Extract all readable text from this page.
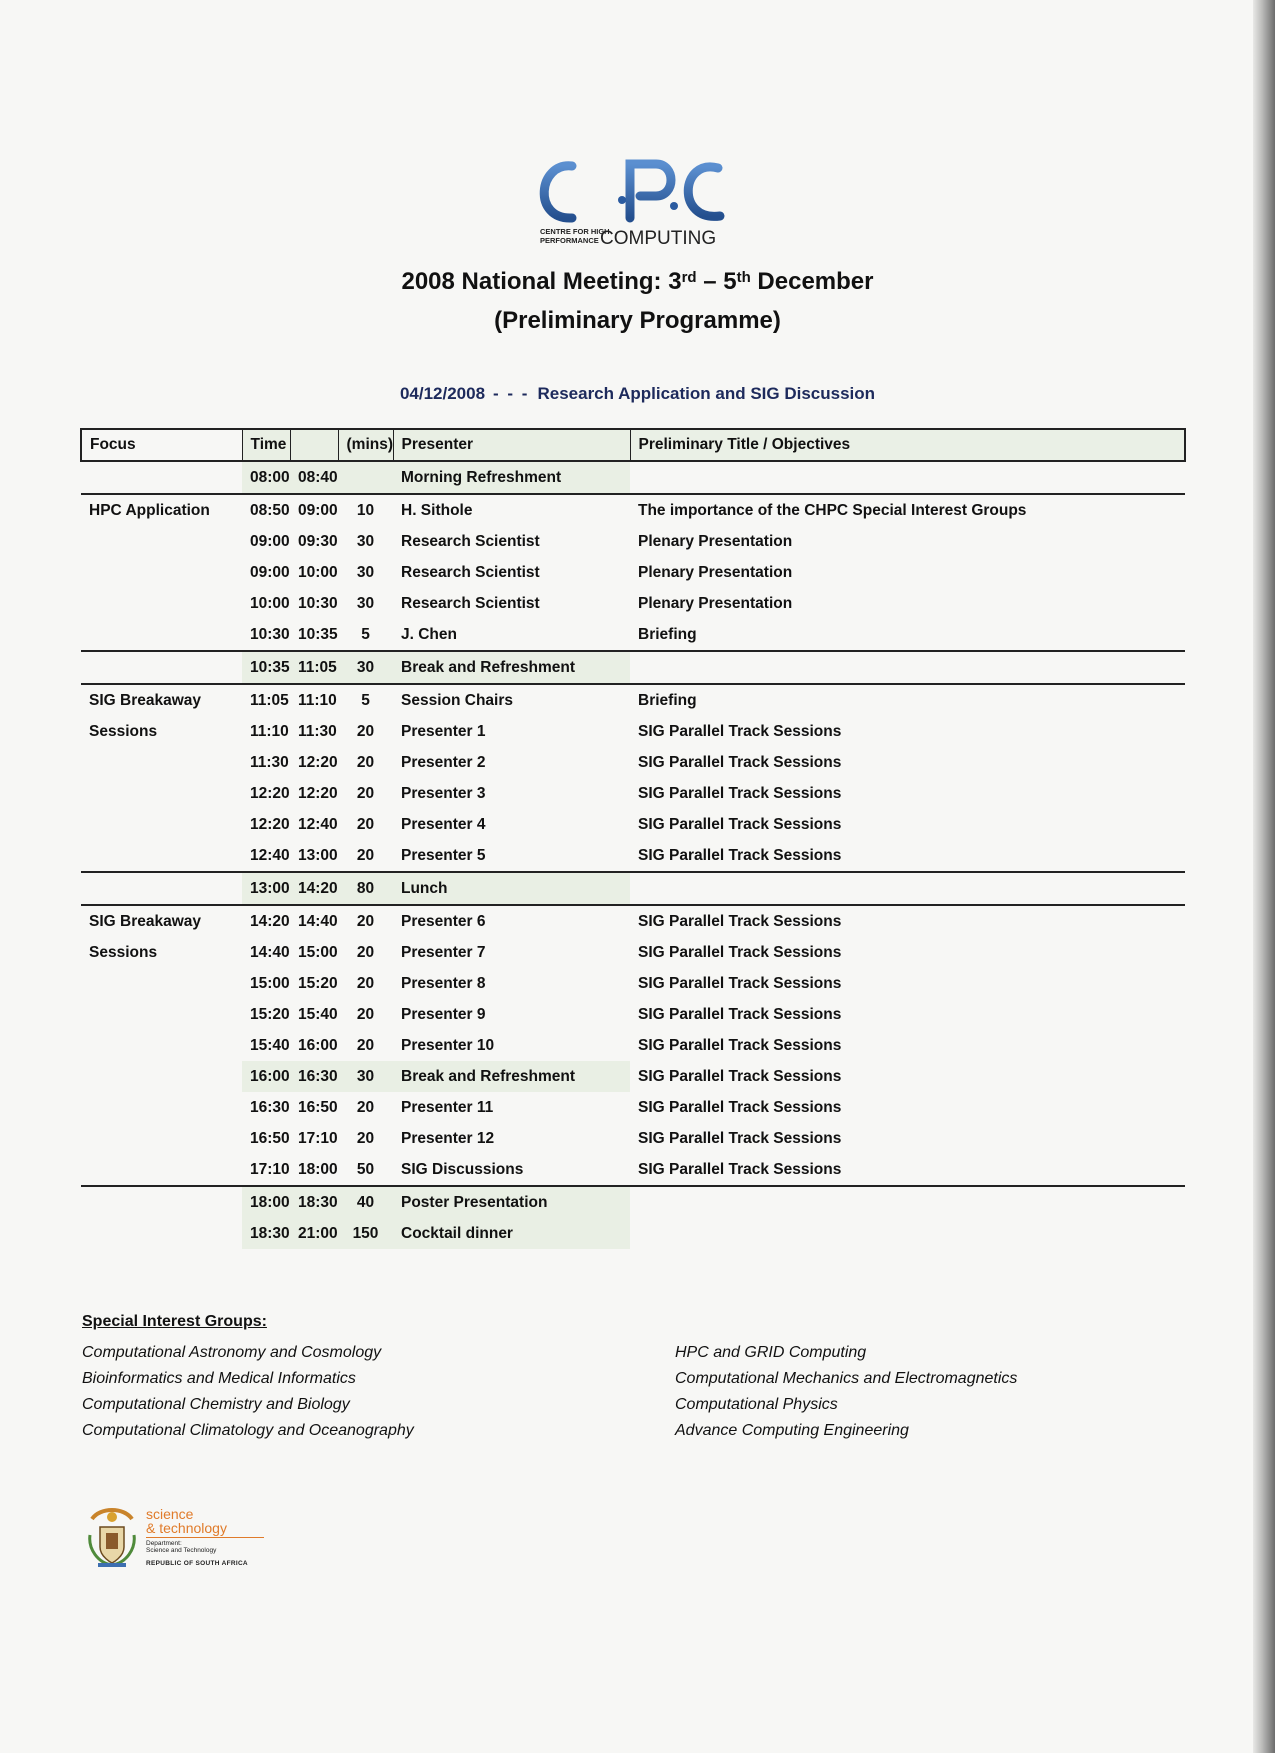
CENTRE FOR HIGH
PERFORMANCE COMPUTING
2008 National Meeting: 3rd – 5th December
(Preliminary Programme)
04/12/2008 - - - Research Application and SIG Discussion
Focus	Time		(mins)	Presenter	Preliminary Title / Objectives
	08:00	08:40		Morning Refreshment	
HPC Application	08:50	09:00	10	H. Sithole	The importance of the CHPC Special Interest Groups
	09:00	09:30	30	Research Scientist	Plenary Presentation
	09:00	10:00	30	Research Scientist	Plenary Presentation
	10:00	10:30	30	Research Scientist	Plenary Presentation
	10:30	10:35	5	J. Chen	Briefing
	10:35	11:05	30	Break and Refreshment	
SIG Breakaway	11:05	11:10	5	Session Chairs	Briefing
Sessions	11:10	11:30	20	Presenter 1	SIG Parallel Track Sessions
	11:30	12:20	20	Presenter 2	SIG Parallel Track Sessions
	12:20	12:20	20	Presenter 3	SIG Parallel Track Sessions
	12:20	12:40	20	Presenter 4	SIG Parallel Track Sessions
	12:40	13:00	20	Presenter 5	SIG Parallel Track Sessions
	13:00	14:20	80	Lunch	
SIG Breakaway	14:20	14:40	20	Presenter 6	SIG Parallel Track Sessions
Sessions	14:40	15:00	20	Presenter 7	SIG Parallel Track Sessions
	15:00	15:20	20	Presenter 8	SIG Parallel Track Sessions
	15:20	15:40	20	Presenter 9	SIG Parallel Track Sessions
	15:40	16:00	20	Presenter 10	SIG Parallel Track Sessions
	16:00	16:30	30	Break and Refreshment	SIG Parallel Track Sessions
	16:30	16:50	20	Presenter 11	SIG Parallel Track Sessions
	16:50	17:10	20	Presenter 12	SIG Parallel Track Sessions
	17:10	18:00	50	SIG Discussions	SIG Parallel Track Sessions
	18:00	18:30	40	Poster Presentation	
	18:30	21:00	150	Cocktail dinner	
Special Interest Groups:
Computational Astronomy and Cosmology
Bioinformatics and Medical Informatics
Computational Chemistry and Biology
Computational Climatology and Oceanography
HPC and GRID Computing
Computational Mechanics and Electromagnetics
Computational Physics
Advance Computing Engineering
science
& technology
Department:
Science and Technology
REPUBLIC OF SOUTH AFRICA
